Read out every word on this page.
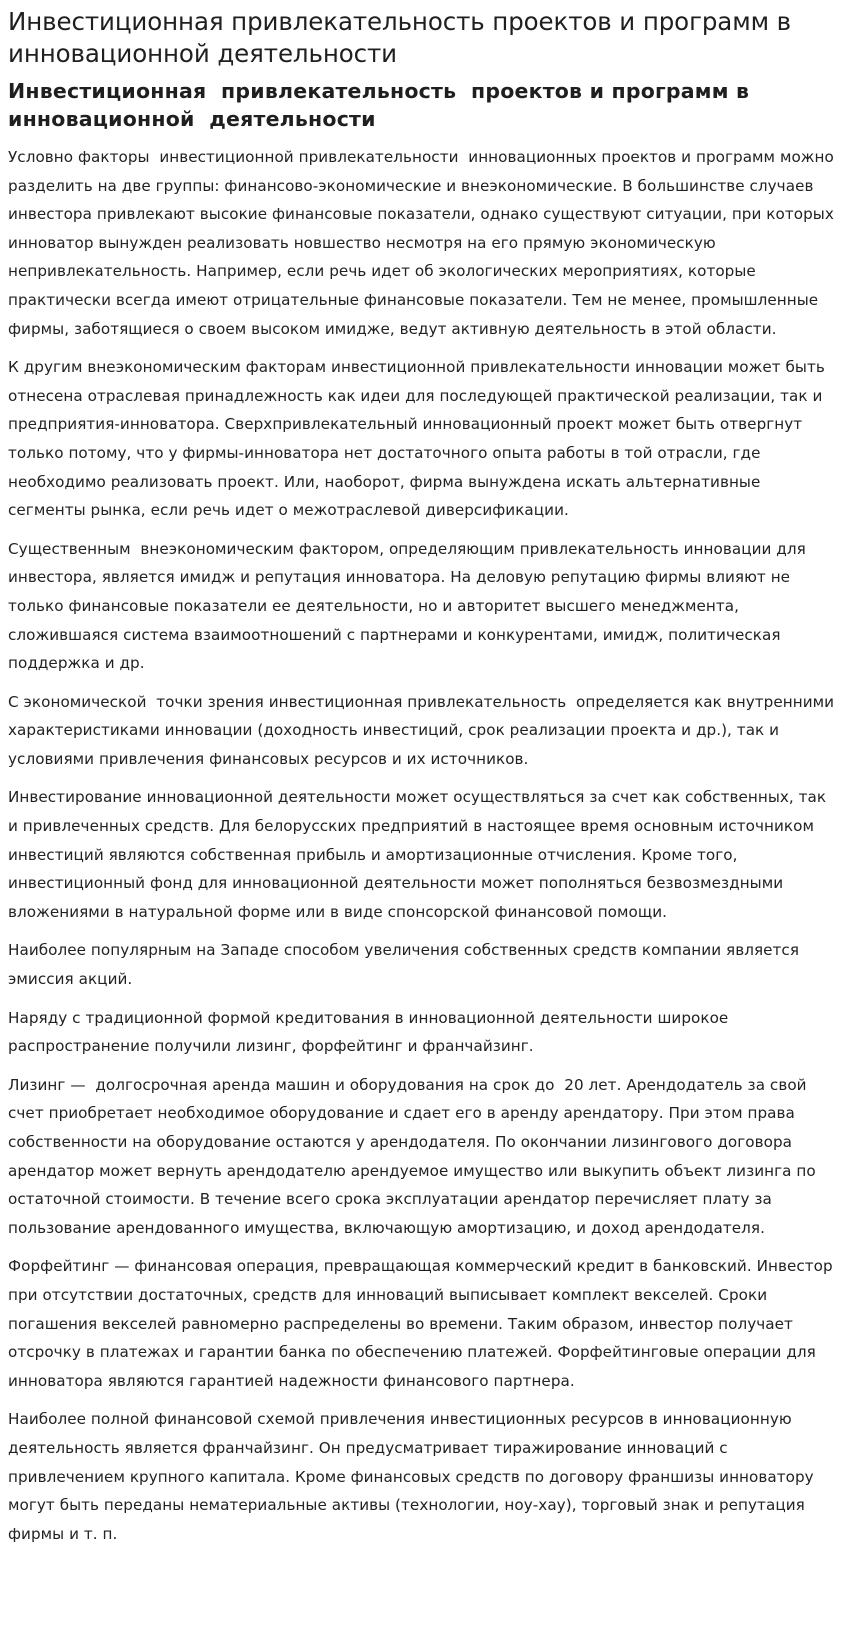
Инвестиционная привлекательность проектов и программ в инновационной деятельности
Инвестиционная  привлекательность  проектов и программ в инновационной  деятельности

Условно факторы  инвестиционной привлекательности  инновационных проектов и программ можно разделить на две группы: финансово-экономические и внеэкономические. В большинстве случаев инвестора привлекают высокие финансовые показатели, однако существуют ситуации, при которых инноватор вынужден реализовать новшество несмотря на его прямую экономическую непривлекательность. Например, если речь идет об экологических мероприятиях, которые практически всегда имеют отрицательные финансовые показатели. Тем не менее, промышленные фирмы, заботящиеся о своем высоком имидже, ведут активную деятельность в этой области.

К другим внеэкономическим факторам инвестиционной привлекательности инновации может быть отнесена отраслевая принадлежность как идеи для последующей практической реализации, так и предприятия-инноватора. Сверхпривлекательный инновационный проект может быть отвергнут только потому, что у фирмы-инноватора нет достаточного опыта работы в той отрасли, где необходимо реализовать проект. Или, наоборот, фирма вынуждена искать альтернативные сегменты рынка, если речь идет о межотраслевой диверсификации.

Существенным  внеэкономическим фактором, определяющим привлекательность инновации для инвестора, является имидж и репутация инноватора. На деловую репутацию фирмы влияют не только финансовые показатели ее деятельности, но и авторитет высшего менеджмента, сложившаяся система взаимоотношений с партнерами и конкурентами, имидж, политическая поддержка и др.

С экономической  точки зрения инвестиционная привлекательность  определяется как внутренними характеристиками инновации (доходность инвестиций, срок реализации проекта и др.), так и условиями привлечения финансовых ресурсов и их источников.

Инвестирование инновационной деятельности может осуществляться за счет как собственных, так и привлеченных средств. Для белорусских предприятий в настоящее время основным источником инвестиций являются собственная прибыль и амортизационные отчисления. Кроме того, инвестиционный фонд для инновационной деятельности может пополняться безвозмездными вложениями в натуральной форме или в виде спонсорской финансовой помощи.

Наиболее популярным на Западе способом увеличения собственных средств компании является эмиссия акций.

Наряду с традиционной формой кредитования в инновационной деятельности широкое распространение получили лизинг, форфейтинг и франчайзинг.

Лизинг —  долгосрочная аренда машин и оборудования на срок до  20 лет. Арендодатель за свой счет приобретает необходимое оборудование и сдает его в аренду арендатору. При этом права собственности на оборудование остаются у арендодателя. По окончании лизингового договора арендатор может вернуть арендодателю арендуемое имущество или выкупить объект лизинга по остаточной стоимости. В течение всего срока эксплуатации арендатор перечисляет плату за пользование арендованного имущества, включающую амортизацию, и доход арендодателя.

Форфейтинг — финансовая операция, превращающая коммерческий кредит в банковский. Инвестор при отсутствии достаточных, средств для инноваций выписывает комплект векселей. Сроки погашения векселей равномерно распределены во времени. Таким образом, инвестор получает отсрочку в платежах и гарантии банка по обеспечению платежей. Форфейтинговые операции для инноватора являются гарантией надежности финансового партнера.

Наиболее полной финансовой схемой привлечения инвестиционных ресурсов в инновационную деятельность является франчайзинг. Он предусматривает тиражирование инноваций с привлечением крупного капитала. Кроме финансовых средств по договору франшизы инноватору могут быть переданы нематериальные активы (технологии, ноу-хау), торговый знак и репутация фирмы и т. п.
